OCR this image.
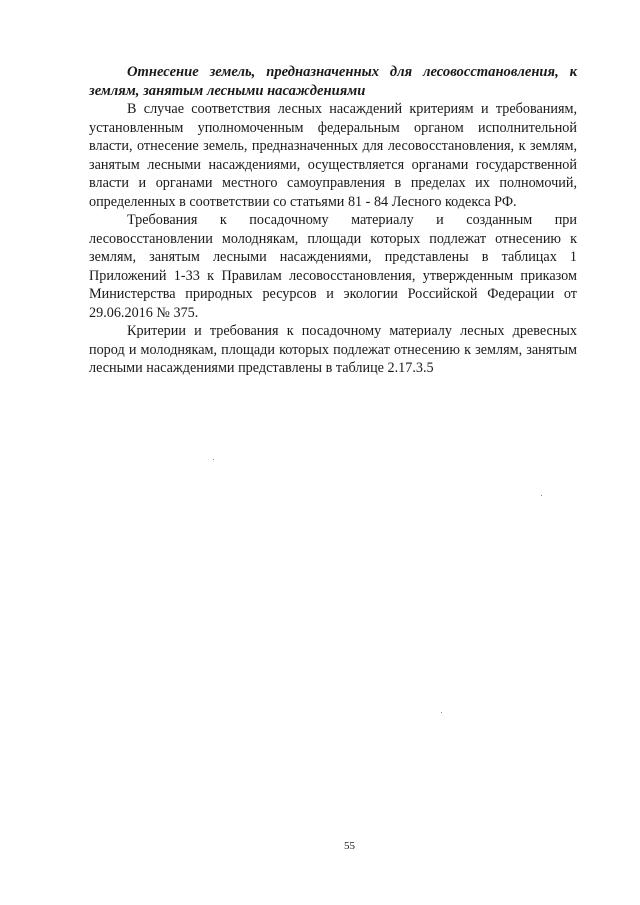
Отнесение земель, предназначенных для лесовосстановления, к землям, занятым лесными насаждениями

В случае соответствия лесных насаждений критериям и требованиям, установленным уполномоченным федеральным органом исполнительной власти, отнесение земель, предназначенных для лесовосстановления, к землям, занятым лесными насаждениями, осуществляется органами государственной власти и органами местного самоуправления в пределах их полномочий, определенных в соответствии со статьями 81 - 84 Лесного кодекса РФ.

Требования к посадочному материалу и созданным при лесовосстановлении молоднякам, площади которых подлежат отнесению к землям, занятым лесными насаждениями, представлены в таблицах 1 Приложений 1-33 к Правилам лесовосстановления, утвержденным приказом Министерства природных ресурсов и экологии Российской Федерации от 29.06.2016 № 375.

Критерии и требования к посадочному материалу лесных древесных пород и молоднякам, площади которых подлежат отнесению к землям, занятым лесными насаждениями представлены в таблице 2.17.3.5

55
